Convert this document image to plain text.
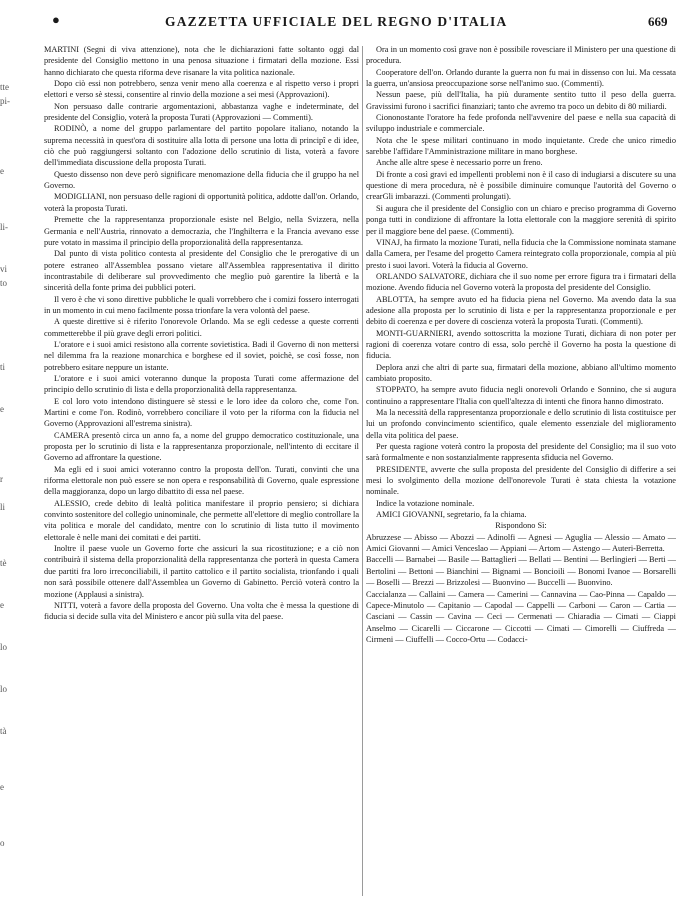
●	GAZZETTA UFFICIALE DEL REGNO D'ITALIA	669
tte
pi-

e

li-

vi
to

ti

e

r

li

tè

e

lo

lo

tà

e

o

MARTINI (Segni di viva attenzione), nota che le dichiarazioni fatte soltanto oggi dal presidente del Consiglio mettono in una penosa situazione i firmatari della mozione. Essi hanno dichiarato che questa riforma deve risanare la vita politica nazionale.

Dopo ciò essi non potrebbero, senza venir meno alla coerenza e al rispetto verso i propri elettori e verso sè stessi, consentire al rinvio della mozione a sei mesi (Approvazioni).

Non persuaso dalle contrarie argomentazioni, abbastanza vaghe e indeterminate, del presidente del Consiglio, voterà la proposta Turati (Approvazioni — Commenti).

RODINÒ, a nome del gruppo parlamentare del partito popolare italiano, notando la suprema necessità in quest'ora di sostituire alla lotta di persone una lotta di principî e di idee, ciò che può raggiungersi soltanto con l'adozione dello scrutinio di lista, voterà a favore dell'immediata discussione della proposta Turati.

Questo dissenso non deve però significare menomazione della fiducia che il gruppo ha nel Governo.

MODIGLIANI, non persuaso delle ragioni di opportunità politica, addotte dall'on. Orlando, voterà la proposta Turati.

Premette che la rappresentanza proporzionale esiste nel Belgio, nella Svizzera, nella Germania e nell'Austria, rinnovato a democrazia, che l'Inghilterra e la Francia avevano esse pure votato in massima il principio della proporzionalità della rappresentanza.

Dal punto di vista politico contesta al presidente del Consiglio che le prerogative di un potere estraneo all'Assemblea possano vietare all'Assemblea rappresentativa il diritto incontrastabile di deliberare sul provvedimento che meglio può garentire la libertà e la sincerità della fonte prima dei pubblici poteri.

Il vero è che vi sono direttive pubbliche le quali vorrebbero che i comizi fossero interrogati in un momento in cui meno facilmente possa trionfare la vera volontà del paese.

A queste direttive si è riferito l'onorevole Orlando. Ma se egli cedesse a queste correnti commetterebbe il più grave degli errori politici.

L'oratore e i suoi amici resistono alla corrente sovietistica. Badi il Governo di non mettersi nel dilemma fra la reazione monarchica e borghese ed il soviet, poichè, se così fosse, non potrebbero esitare neppure un istante.

L'oratore e i suoi amici voteranno dunque la proposta Turati come affermazione del principio dello scrutinio di lista e della proporzionalità della rappresentanza.

E col loro voto intendono distinguere sè stessi e le loro idee da coloro che, come l'on. Martini e come l'on. Rodinò, vorrebbero conciliare il voto per la riforma con la fiducia nel Governo (Approvazioni all'estrema sinistra).

CAMERA presentò circa un anno fa, a nome del gruppo democratico costituzionale, una proposta per lo scrutinio di lista e la rappresentanza proporzionale, nell'intento di eccitare il Governo ad affrontare la questione.

Ma egli ed i suoi amici voteranno contro la proposta dell'on. Turati, convinti che una riforma elettorale non può essere se non opera e responsabilità di Governo, quale espressione della maggioranza, dopo un largo dibattito di essa nel paese.

ALESSIO, crede debito di lealtà politica manifestare il proprio pensiero; si dichiara convinto sostenitore del collegio uninominale, che permette all'elettore di meglio controllare la vita politica e morale del candidato, mentre con lo scrutinio di lista tutto il movimento elettorale è nelle mani dei comitati e dei partiti.

Inoltre il paese vuole un Governo forte che assicuri la sua ricostituzione; e a ciò non contribuirà il sistema della proporzionalità della rappresentanza che porterà in questa Camera due partiti fra loro irreconciliabili, il partito cattolico e il partito socialista, trionfando i quali non sarà possibile ottenere dall'Assemblea un Governo di Gabinetto. Perciò voterà contro la mozione (Applausi a sinistra).

NITTI, voterà a favore della proposta del Governo. Una volta che è messa la questione di fiducia si decide sulla vita del Ministero e ancor più sulla vita del paese.

Ora in un momento così grave non è possibile rovesciare il Ministero per una questione di procedura.

Cooperatore dell'on. Orlando durante la guerra non fu mai in dissenso con lui. Ma cessata la guerra, un'ansiosa preoccupazione sorse nell'animo suo. (Commenti).

Nessun paese, più dell'Italia, ha più duramente sentito tutto il peso della guerra. Gravissimi furono i sacrifici finanziari; tanto che avremo tra poco un debito di 80 miliardi.

Ciononostante l'oratore ha fede profonda nell'avvenire del paese e nella sua capacità di sviluppo industriale e commerciale.

Nota che le spese militari continuano in modo inquietante. Crede che unico rimedio sarebbe l'affidare l'Amministrazione militare in mano borghese.

Anche alle altre spese è necessario porre un freno.

Di fronte a così gravi ed impellenti problemi non è il caso di indugiarsi a discutere su una questione di mera procedura, nè è possibile diminuire comunque l'autorità del Governo o crearGli imbarazzi. (Commenti prolungati).

Si augura che il presidente del Consiglio con un chiaro e preciso programma di Governo ponga tutti in condizione di affrontare la lotta elettorale con la maggiore serenità di spirito per il maggiore bene del paese. (Commenti).

VINAJ, ha firmato la mozione Turati, nella fiducia che la Commissione nominata stamane dalla Camera, per l'esame del progetto Camera reintegrato colla proporzionale, compia al più presto i suoi lavori. Voterà la fiducia al Governo.

ORLANDO SALVATORE, dichiara che il suo nome per errore figura tra i firmatari della mozione. Avendo fiducia nel Governo voterà la proposta del presidente del Consiglio.

ABLOTTA, ha sempre avuto ed ha fiducia piena nel Governo. Ma avendo data la sua adesione alla proposta per lo scrutinio di lista e per la rappresentanza proporzionale e per debito di coerenza e per dovere di coscienza voterà la proposta Turati. (Commenti).

MONTI-GUARNIERI, avendo sottoscritta la mozione Turati, dichiara di non poter per ragioni di coerenza votare contro di essa, solo perchè il Governo ha posta la questione di fiducia.

Deplora anzi che altri di parte sua, firmatari della mozione, abbiano all'ultimo momento cambiato proposito.

STOPPATO, ha sempre avuto fiducia negli onorevoli Orlando e Sonnino, che si augura continuino a rappresentare l'Italia con quell'altezza di intenti che finora hanno dimostrato.

Ma la necessità della rappresentanza proporzionale e dello scrutinio di lista costituisce per lui un profondo convincimento scientifico, quale elemento essenziale del miglioramento della vita politica del paese.

Per questa ragione voterà contro la proposta del presidente del Consiglio; ma il suo voto sarà formalmente e non sostanzialmente rappresenta sfiducia nel Governo.

PRESIDENTE, avverte che sulla proposta del presidente del Consiglio di differire a sei mesi lo svolgimento della mozione dell'onorevole Turati è stata chiesta la votazione nominale.

Indice la votazione nominale.

AMICI GIOVANNI, segretario, fa la chiama.

Rispondono Sì:

Abruzzese — Abisso — Abozzi — Adinolfi — Agnesi — Aguglia — Alessio — Amato — Amici Giovanni — Amici Venceslao — Appiani — Artom — Astengo — Auteri-Berretta.

Baccelli — Barnabei — Basile — Battaglieri — Bellati — Bentini — Berlingieri — Berti — Bertolini — Bettoni — Bianchini — Bignami — Boncioili — Bonomi Ivanoe — Borsarelli — Boselli — Brezzi — Brizzolesi — Buonvino — Buccelli — Buonvino.

Caccialanza — Callaini — Camera — Camerini — Cannavina — Cao-Pinna — Capaldo — Capece-Minutolo — Capitanio — Capodal — Cappelli — Carboni — Caron — Cartia — Casciani — Cassin — Cavina — Ceci — Cermenati — Chiaradia — Cimati — Ciappi Anselmo — Cicarelli — Ciccarone — Ciccotti — Cimati — Cimorelli — Ciuffreda — Cirmeni — Ciuffelli — Cocco-Ortu — Codacci-
